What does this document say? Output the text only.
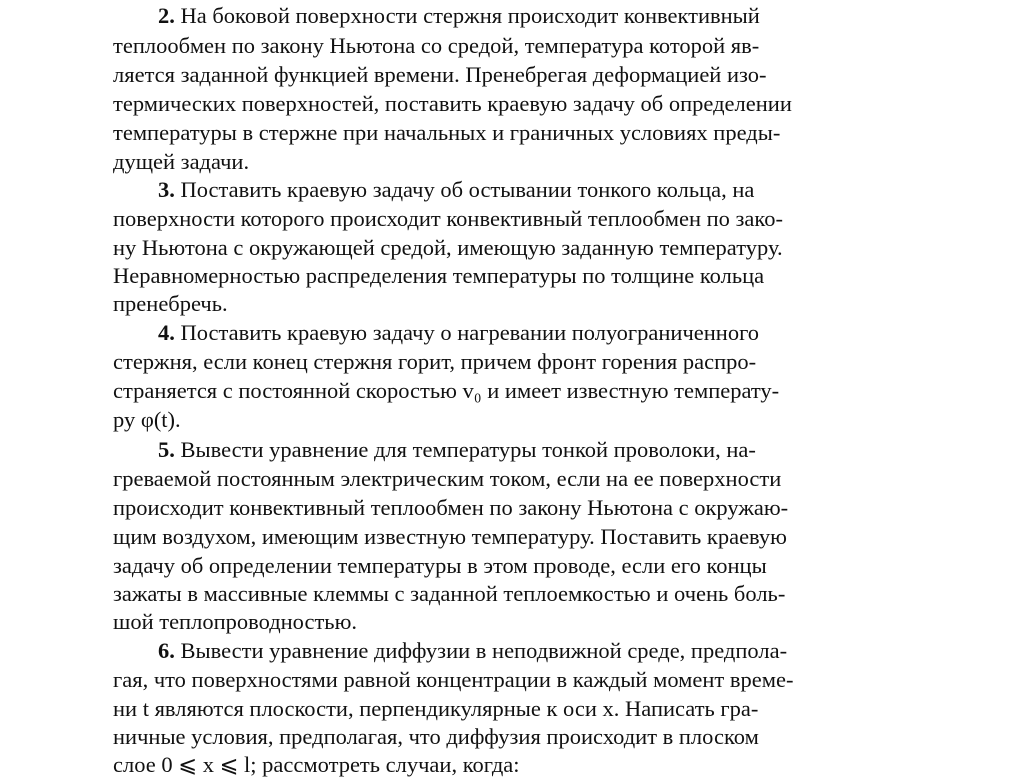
2. На боковой поверхности стержня происходит конвективный
теплообмен по закону Ньютона со средой, температура которой яв-
ляется заданной функцией времени. Пренебрегая деформацией изо-
термических поверхностей, поставить краевую задачу об определении
температуры в стержне при начальных и граничных условиях преды-
дущей задачи.
3. Поставить краевую задачу об остывании тонкого кольца, на
поверхности которого происходит конвективный теплообмен по зако-
ну Ньютона с окружающей средой, имеющую заданную температуру.
Неравномерностью распределения температуры по толщине кольца
пренебречь.
4. Поставить краевую задачу о нагревании полуограниченного
стержня, если конец стержня горит, причем фронт горения распро-
страняется с постоянной скоростью v₀ и имеет известную температу-
ру φ(t).
5. Вывести уравнение для температуры тонкой проволоки, на-
греваемой постоянным электрическим током, если на ее поверхности
происходит конвективный теплообмен по закону Ньютона с окружаю-
щим воздухом, имеющим известную температуру. Поставить краевую
задачу об определении температуры в этом проводе, если его концы
зажаты в массивные клеммы с заданной теплоемкостью и очень боль-
шой теплопроводностью.
6. Вывести уравнение диффузии в неподвижной среде, предпола-
гая, что поверхностями равной концентрации в каждый момент време-
ни t являются плоскости, перпендикулярные к оси x. Написать гра-
ничные условия, предполагая, что диффузия происходит в плоском
слое 0 ⩽ x ⩽ l; рассмотреть случаи, когда:
